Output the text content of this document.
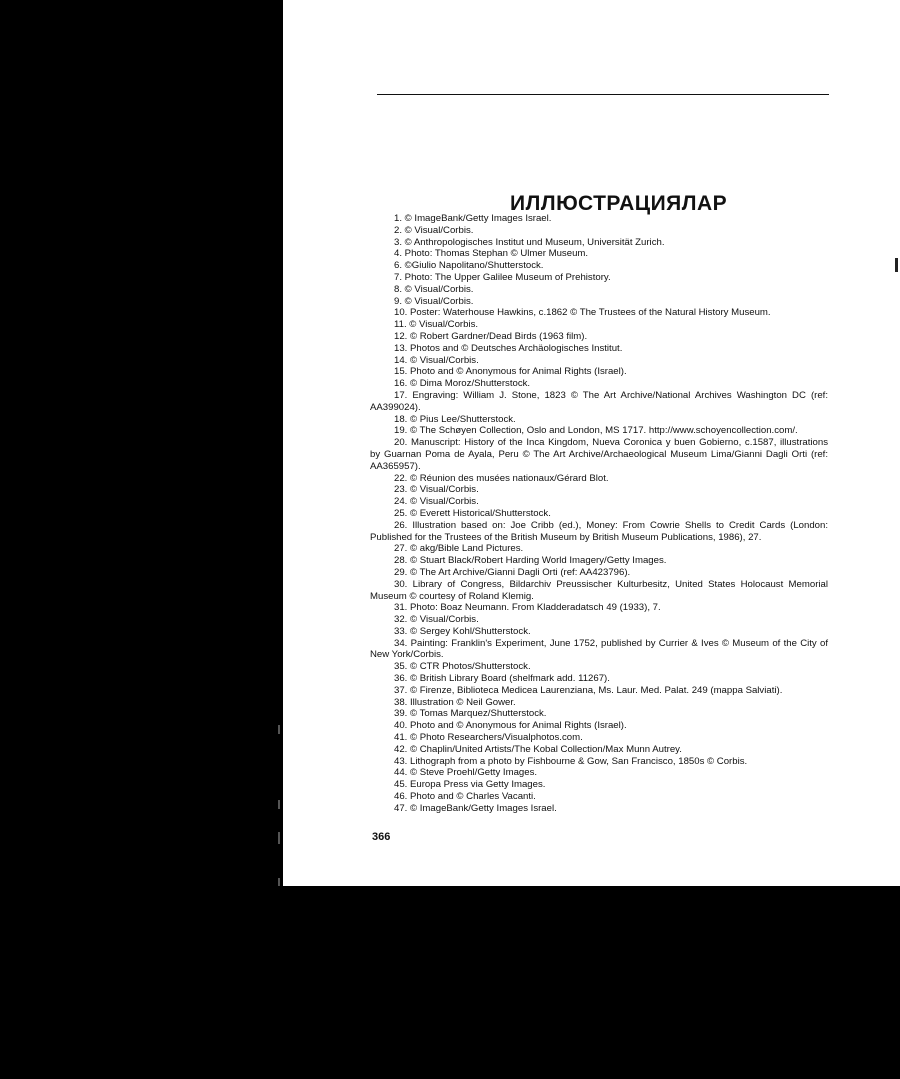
ИЛЛЮСТРАЦИЯЛАР

1. © ImageBank/Getty Images Israel.

2. © Visual/Corbis.

3. © Anthropologisches Institut und Museum, Universität Zurich.

4. Photo: Thomas Stephan © Ulmer Museum.

6. ©Giulio Napolitano/Shutterstock.

7. Photo: The Upper Galilee Museum of Prehistory.

8. © Visual/Corbis.

9. © Visual/Corbis.

10. Poster: Waterhouse Hawkins, c.1862 © The Trustees of the Natural History Museum.

11. © Visual/Corbis.

12. © Robert Gardner/Dead Birds (1963 film).

13. Photos and © Deutsches Archäologisches Institut.

14. © Visual/Corbis.

15. Photo and © Anonymous for Animal Rights (Israel).

16. © Dima Moroz/Shutterstock.

17. Engraving: William J. Stone, 1823 © The Art Archive/National Archives Washington DC (ref: AA399024).

18. © Pius Lee/Shutterstock.

19. © The Schøyen Collection, Oslo and London, MS 1717. http://www.schoyencollection.com/.

20. Manuscript: History of the Inca Kingdom, Nueva Coronica y buen Gobierno, c.1587, illustrations by Guarnan Poma de Ayala, Peru © The Art Archive/Archaeological Museum Lima/Gianni Dagli Orti (ref: AA365957).

22. © Réunion des musées nationaux/Gérard Blot.

23. © Visual/Corbis.

24. © Visual/Corbis.

25. © Everett Historical/Shutterstock.

26. Illustration based on: Joe Cribb (ed.), Money: From Cowrie Shells to Credit Cards (London: Published for the Trustees of the British Museum by British Museum Publications, 1986), 27.

27. © akg/Bible Land Pictures.

28. © Stuart Black/Robert Harding World Imagery/Getty Images.

29. © The Art Archive/Gianni Dagli Orti (ref: AA423796).

30. Library of Congress, Bildarchiv Preussischer Kulturbesitz, United States Holocaust Memorial Museum © courtesy of Roland Klemig.

31. Photo: Boaz Neumann. From Kladderadatsch 49 (1933), 7.

32. © Visual/Corbis.

33. © Sergey Kohl/Shutterstock.

34. Painting: Franklin's Experiment, June 1752, published by Currier & Ives © Museum of the City of New York/Corbis.

35. © CTR Photos/Shutterstock.

36. © British Library Board (shelfmark add. 11267).

37. © Firenze, Biblioteca Medicea Laurenziana, Ms. Laur. Med. Palat. 249 (mappa Salviati).

38. Illustration © Neil Gower.

39. © Tomas Marquez/Shutterstock.

40. Photo and © Anonymous for Animal Rights (Israel).

41. © Photo Researchers/Visualphotos.com.

42. © Chaplin/United Artists/The Kobal Collection/Max Munn Autrey.

43. Lithograph from a photo by Fishbourne & Gow, San Francisco, 1850s © Corbis.

44. © Steve Proehl/Getty Images.

45. Europa Press via Getty Images.

46. Photo and © Charles Vacanti.

47. © ImageBank/Getty Images Israel.

366
